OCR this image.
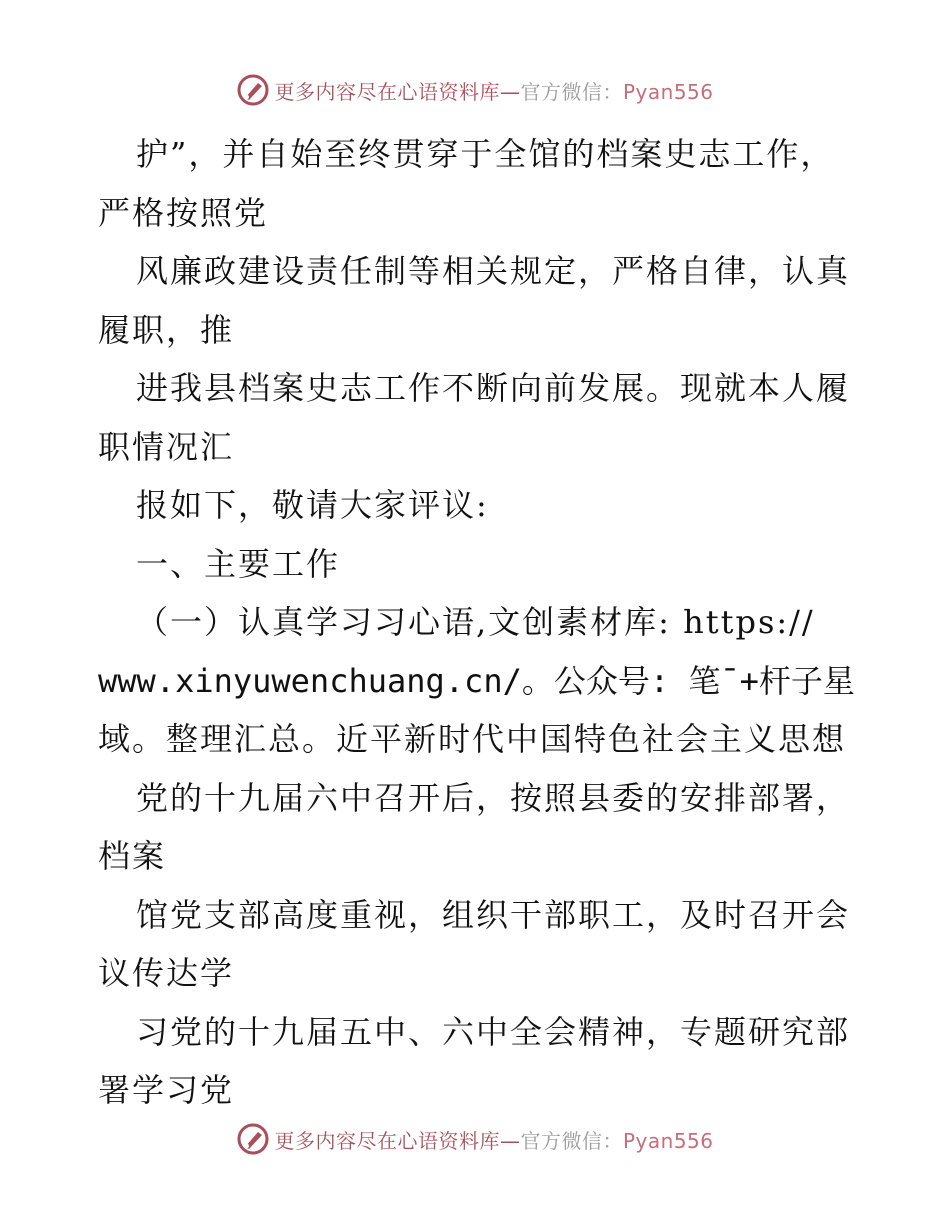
更多内容尽在心语资料库—官方微信：Pyan556
护”，并自始至终贯穿于全馆的档案史志工作，
严格按照党
风廉政建设责任制等相关规定，严格自律，认真
履职，推
进我县档案史志工作不断向前发展。现就本人履
职情况汇
报如下，敬请大家评议:
一、主要工作
（一）认真学习习心语,文创素材库: https://
www.xinyuwenchuang.cn/。公众号: 笔¯+杆子星
域。整理汇总。近平新时代中国特色社会主义思想
党的十九届六中召开后，按照县委的安排部署，
档案
馆党支部高度重视，组织干部职工，及时召开会
议传达学
习党的十九届五中、六中全会精神，专题研究部
署学习党
更多内容尽在心语资料库—官方微信：Pyan556
